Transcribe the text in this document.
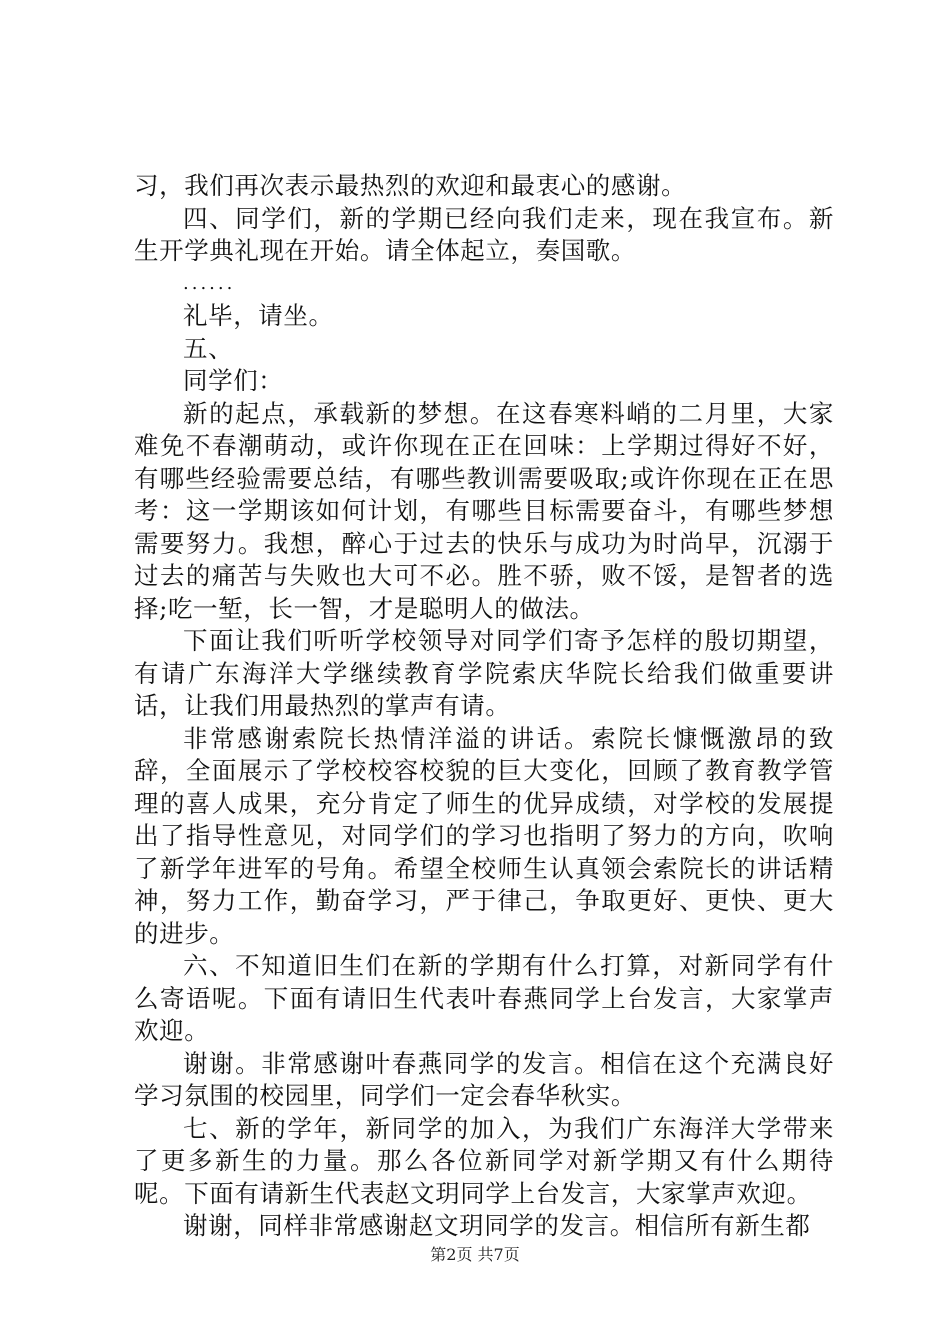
习，我们再次表示最热烈的欢迎和最衷心的感谢。

四、同学们，新的学期已经向我们走来，现在我宣布。新生开学典礼现在开始。请全体起立，奏国歌。

......

礼毕，请坐。

五、

同学们：

新的起点，承载新的梦想。在这春寒料峭的二月里，大家难免不春潮萌动，或许你现在正在回味：上学期过得好不好，有哪些经验需要总结，有哪些教训需要吸取;或许你现在正在思考：这一学期该如何计划，有哪些目标需要奋斗，有哪些梦想需要努力。我想，醉心于过去的快乐与成功为时尚早，沉溺于过去的痛苦与失败也大可不必。胜不骄，败不馁，是智者的选择;吃一堑，长一智，才是聪明人的做法。

下面让我们听听学校领导对同学们寄予怎样的殷切期望，有请广东海洋大学继续教育学院索庆华院长给我们做重要讲话，让我们用最热烈的掌声有请。

非常感谢索院长热情洋溢的讲话。索院长慷慨激昂的致辞，全面展示了学校校容校貌的巨大变化，回顾了教育教学管理的喜人成果，充分肯定了师生的优异成绩，对学校的发展提出了指导性意见，对同学们的学习也指明了努力的方向，吹响了新学年进军的号角。希望全校师生认真领会索院长的讲话精神，努力工作，勤奋学习，严于律己，争取更好、更快、更大的进步。

六、不知道旧生们在新的学期有什么打算，对新同学有什么寄语呢。下面有请旧生代表叶春燕同学上台发言，大家掌声欢迎。

谢谢。非常感谢叶春燕同学的发言。相信在这个充满良好学习氛围的校园里，同学们一定会春华秋实。

七、新的学年，新同学的加入，为我们广东海洋大学带来了更多新生的力量。那么各位新同学对新学期又有什么期待呢。下面有请新生代表赵文玥同学上台发言，大家掌声欢迎。

谢谢，同样非常感谢赵文玥同学的发言。相信所有新生都

第2页 共7页
